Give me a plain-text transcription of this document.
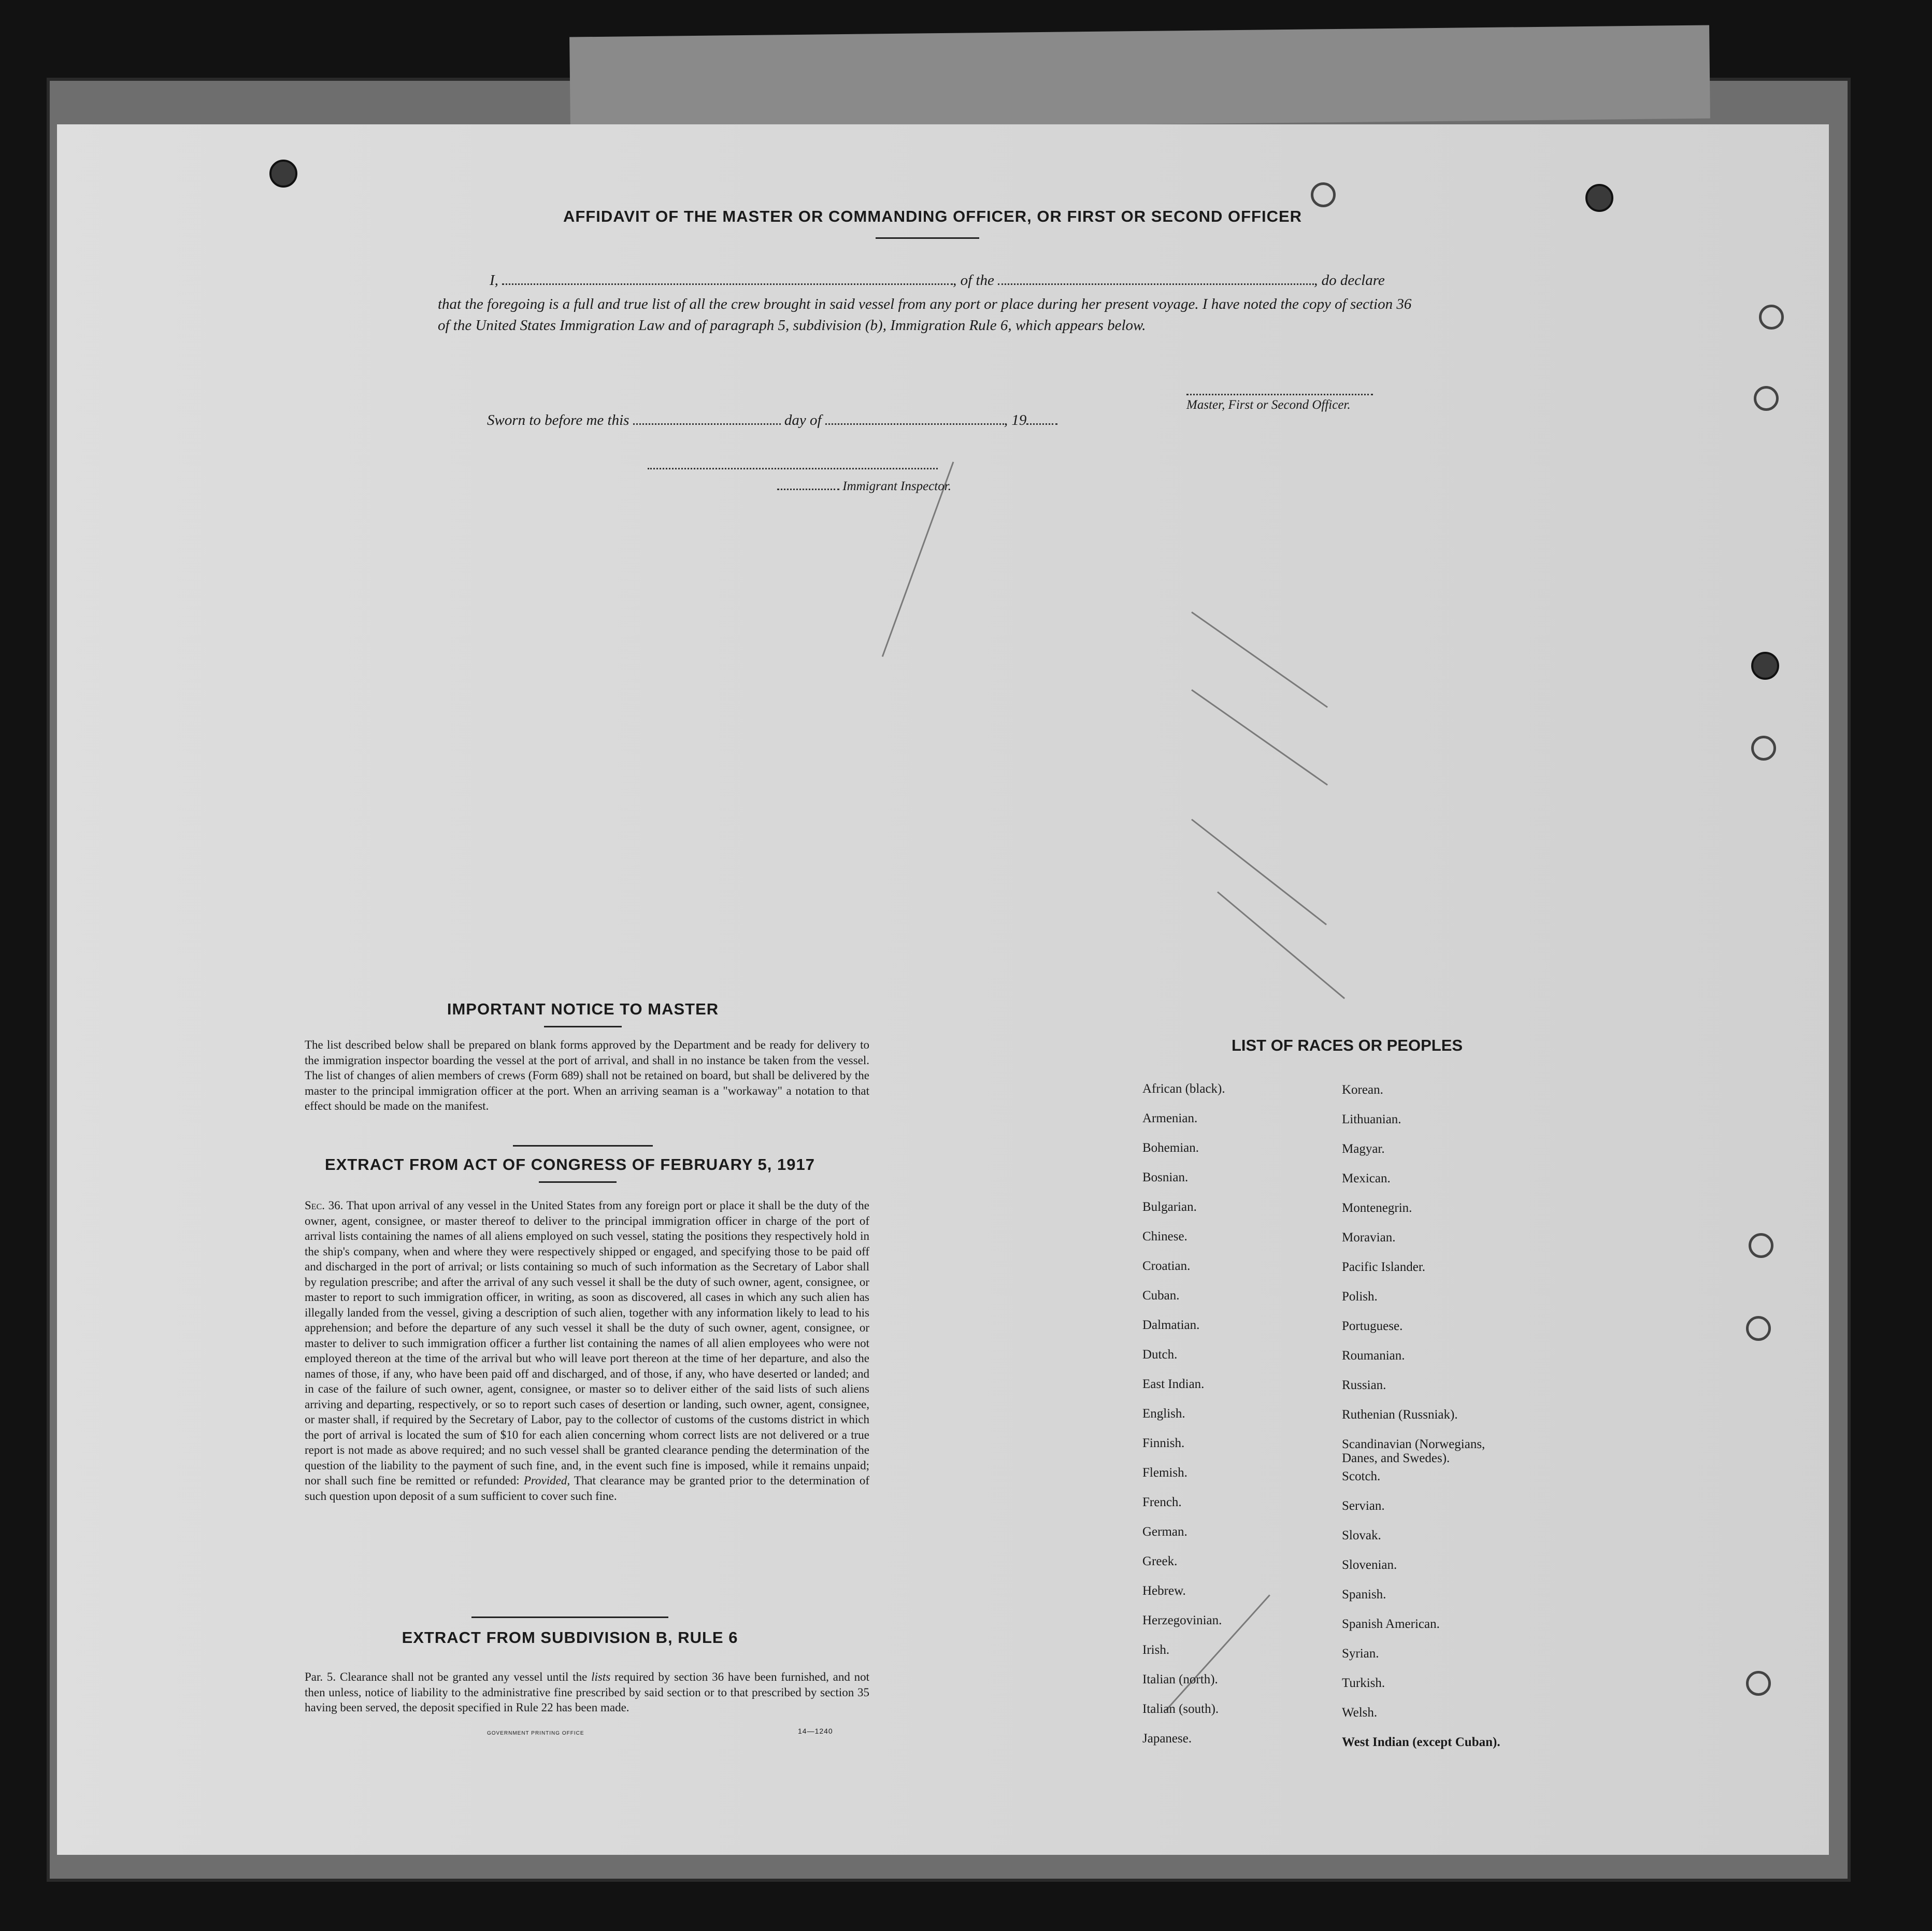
AFFIDAVIT OF THE MASTER OR COMMANDING OFFICER, OR FIRST OR SECOND OFFICER
I,	, of the	, do declare
that the foregoing is a full and true list of all the crew brought in said vessel from any port or place during her present voyage. I have noted the copy of section 36 of the United States Immigration Law and of paragraph 5, subdivision (b), Immigration Rule 6, which appears below.
Master, First or Second Officer.
Sworn to before me this	day of	, 19
Immigrant Inspector.
IMPORTANT NOTICE TO MASTER
The list described below shall be prepared on blank forms approved by the Department and be ready for delivery to the immigration inspector boarding the vessel at the port of arrival, and shall in no instance be taken from the vessel. The list of changes of alien members of crews (Form 689) shall not be retained on board, but shall be delivered by the master to the principal immigration officer at the port. When an arriving seaman is a "workaway" a notation to that effect should be made on the manifest.
EXTRACT FROM ACT OF CONGRESS OF FEBRUARY 5, 1917
Sec. 36. That upon arrival of any vessel in the United States from any foreign port or place it shall be the duty of the owner, agent, consignee, or master thereof to deliver to the principal immigration officer in charge of the port of arrival lists containing the names of all aliens employed on such vessel, stating the positions they respectively hold in the ship's company, when and where they were respectively shipped or engaged, and specifying those to be paid off and discharged in the port of arrival; or lists containing so much of such information as the Secretary of Labor shall by regulation prescribe; and after the arrival of any such vessel it shall be the duty of such owner, agent, consignee, or master to report to such immigration officer, in writing, as soon as discovered, all cases in which any such alien has illegally landed from the vessel, giving a description of such alien, together with any information likely to lead to his apprehension; and before the departure of any such vessel it shall be the duty of such owner, agent, consignee, or master to deliver to such immigration officer a further list containing the names of all alien employees who were not employed thereon at the time of the arrival but who will leave port thereon at the time of her departure, and also the names of those, if any, who have been paid off and discharged, and of those, if any, who have deserted or landed; and in case of the failure of such owner, agent, consignee, or master so to deliver either of the said lists of such aliens arriving and departing, respectively, or so to report such cases of desertion or landing, such owner, agent, consignee, or master shall, if required by the Secretary of Labor, pay to the collector of customs of the customs district in which the port of arrival is located the sum of $10 for each alien concerning whom correct lists are not delivered or a true report is not made as above required; and no such vessel shall be granted clearance pending the determination of the question of the liability to the payment of such fine, and, in the event such fine is imposed, while it remains unpaid; nor shall such fine be remitted or refunded: Provided, That clearance may be granted prior to the determination of such question upon deposit of a sum sufficient to cover such fine.
EXTRACT FROM SUBDIVISION B, RULE 6
Par. 5. Clearance shall not be granted any vessel until the lists required by section 36 have been furnished, and not then unless, notice of liability to the administrative fine prescribed by said section or to that prescribed by section 35 having been served, the deposit specified in Rule 22 has been made.
GOVERNMENT PRINTING OFFICE	14—1240
LIST OF RACES OR PEOPLES
African (black).
Armenian.
Bohemian.
Bosnian.
Bulgarian.
Chinese.
Croatian.
Cuban.
Dalmatian.
Dutch.
East Indian.
English.
Finnish.
Flemish.
French.
German.
Greek.
Hebrew.
Herzegovinian.
Irish.
Italian (north).
Italian (south).
Japanese.
Korean.
Lithuanian.
Magyar.
Mexican.
Montenegrin.
Moravian.
Pacific Islander.
Polish.
Portuguese.
Roumanian.
Russian.
Ruthenian (Russniak).
Scandinavian (Norwegians,
Danes, and Swedes).
Scotch.
Servian.
Slovak.
Slovenian.
Spanish.
Spanish American.
Syrian.
Turkish.
Welsh.
West Indian (except Cuban).
